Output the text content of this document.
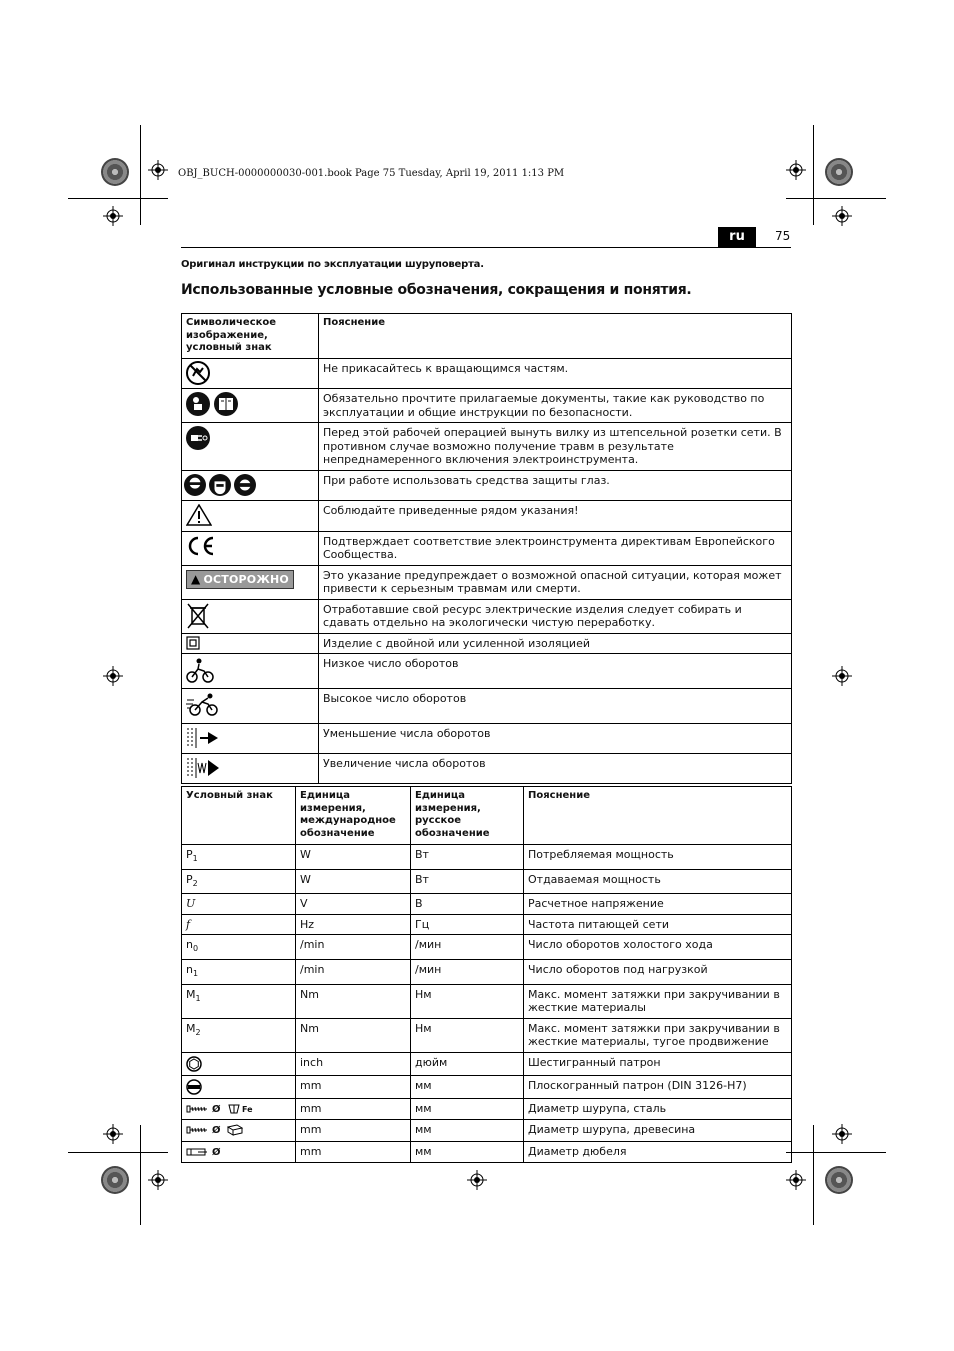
OBJ_BUCH-0000000030-001.book Page 75 Tuesday, April 19, 2011 1:13 PM
ru	75
Оригинал инструкции по эксплуатации шуруповерта.
Использованные условные обозначения, сокращения и понятия.
Символическое изображение, условный знак	Пояснение
	Не прикасайтесь к вращающимся частям.
	Обязательно прочтите прилагаемые документы, такие как руководство по эксплуатации и общие инструкции по безопасности.
	Перед этой рабочей операцией вынуть вилку из штепсельной розетки сети. В противном случае возможно получение травм в результате непреднамеренного включения электроинструмента.
	При работе использовать средства защиты глаз.
	Соблюдайте приведенные рядом указания!
	Подтверждает соответствие электроинструмента директивам Европейского Сообщества.

▲ ОСТОРОЖНО	Это указание предупреждает о возможной опасной ситуации, которая может привести к серьезным травмам или смерти.
	Отработавшие свой ресурс электрические изделия следует собирать и сдавать отдельно на экологически чистую переработку.
	Изделие с двойной или усиленной изоляцией
	Низкое число оборотов
	Высокое число оборотов
	Уменьшение числа оборотов
	Увеличение числа оборотов
Условный знак	Единица измерения, международное обозначение	Единица измерения, русское обозначение	Пояснение
$P_1$	W	Вт	Потребляемая мощность
$P_2$	W	Вт	Отдаваемая мощность
U	V	В	Расчетное напряжение
f	Hz	Гц	Частота питающей сети
$n_0$	/min	/мин	Число оборотов холостого хода
$n_1$	/min	/мин	Число оборотов под нагрузкой
$M_1$	Nm	Нм	Макс. момент затяжки при закручивании в жесткие материалы
$M_2$	Nm	Нм	Макс. момент затяжки при закручивании в жесткие материалы, тугое продвижение
	inch	дюйм	Шестигранный патрон
	mm	мм	Плоскогранный патрон (DIN 3126-H7)
Ø Fe	mm	мм	Диаметр шурупа, сталь
Ø	mm	мм	Диаметр шурупа, древесина
Ø	mm	мм	Диаметр дюбеля
